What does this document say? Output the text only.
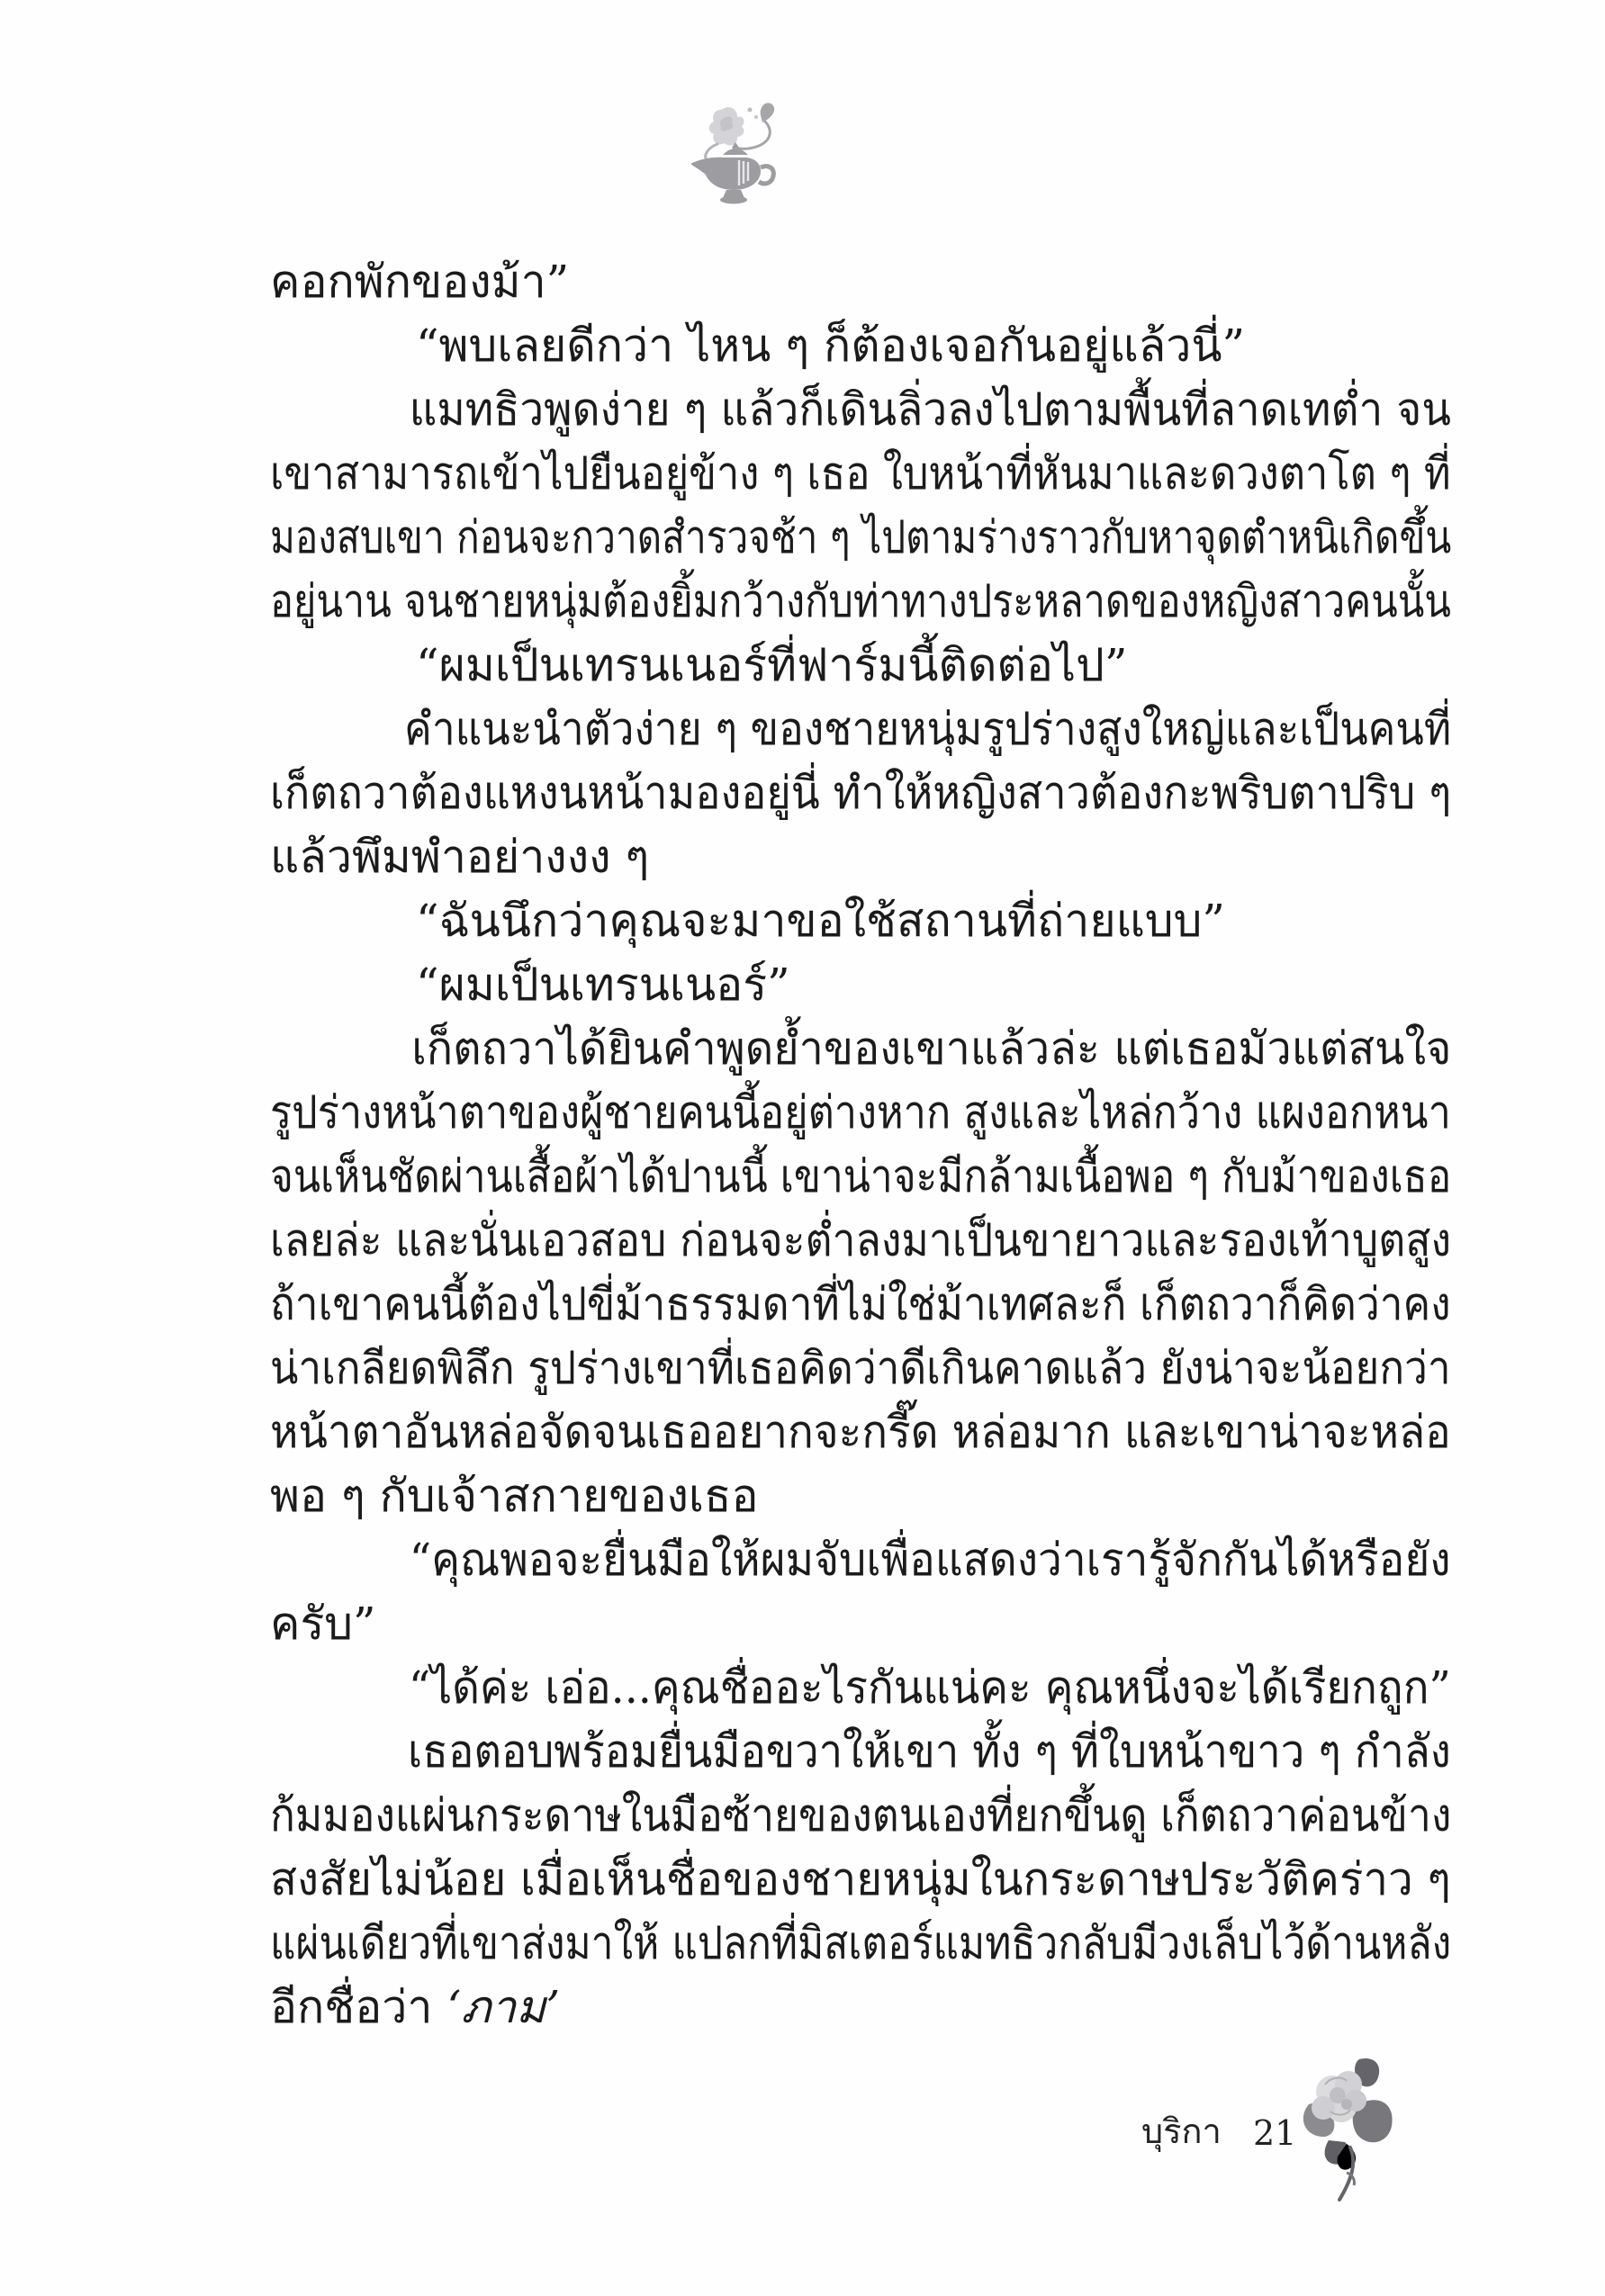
คอกพักของม้า”
“พบเลยดีกว่า ไหน ๆ ก็ต้องเจอกันอยู่แล้วนี่”
แมทธิวพูดง่าย ๆ แล้วก็เดินลิ่วลงไปตามพื้นที่ลาดเทต่ำ จน
เขาสามารถเข้าไปยืนอยู่ข้าง ๆ เธอ ใบหน้าที่หันมาและดวงตาโต ๆ ที่
มองสบเขา ก่อนจะกวาดสำรวจช้า ๆ ไปตามร่างราวกับหาจุดตำหนิเกิดขึ้น
อยู่นาน จนชายหนุ่มต้องยิ้มกว้างกับท่าทางประหลาดของหญิงสาวคนนั้น
“ผมเป็นเทรนเนอร์ที่ฟาร์มนี้ติดต่อไป”
คำแนะนำตัวง่าย ๆ ของชายหนุ่มรูปร่างสูงใหญ่และเป็นคนที่
เก็ตถวาต้องแหงนหน้ามองอยู่นี่ ทำให้หญิงสาวต้องกะพริบตาปริบ ๆ
แล้วพึมพำอย่างงง ๆ
“ฉันนึกว่าคุณจะมาขอใช้สถานที่ถ่ายแบบ”
“ผมเป็นเทรนเนอร์”
เก็ตถวาได้ยินคำพูดย้ำของเขาแล้วล่ะ แต่เธอมัวแต่สนใจ
รูปร่างหน้าตาของผู้ชายคนนี้อยู่ต่างหาก สูงและไหล่กว้าง แผงอกหนา
จนเห็นชัดผ่านเสื้อผ้าได้ปานนี้ เขาน่าจะมีกล้ามเนื้อพอ ๆ กับม้าของเธอ
เลยล่ะ และนั่นเอวสอบ ก่อนจะต่ำลงมาเป็นขายาวและรองเท้าบูตสูง
ถ้าเขาคนนี้ต้องไปขี่ม้าธรรมดาที่ไม่ใช่ม้าเทศละก็ เก็ตถวาก็คิดว่าคง
น่าเกลียดพิลึก รูปร่างเขาที่เธอคิดว่าดีเกินคาดแล้ว ยังน่าจะน้อยกว่า
หน้าตาอันหล่อจัดจนเธออยากจะกรี๊ด หล่อมาก และเขาน่าจะหล่อ
พอ ๆ กับเจ้าสกายของเธอ
“คุณพอจะยื่นมือให้ผมจับเพื่อแสดงว่าเรารู้จักกันได้หรือยัง
ครับ”
“ได้ค่ะ เอ่อ...คุณชื่ออะไรกันแน่คะ คุณหนึ่งจะได้เรียกถูก”
เธอตอบพร้อมยื่นมือขวาให้เขา ทั้ง ๆ ที่ใบหน้าขาว ๆ กำลัง
ก้มมองแผ่นกระดาษในมือซ้ายของตนเองที่ยกขึ้นดู เก็ตถวาค่อนข้าง
สงสัยไม่น้อย เมื่อเห็นชื่อของชายหนุ่มในกระดาษประวัติคร่าว ๆ
แผ่นเดียวที่เขาส่งมาให้ แปลกที่มิสเตอร์แมทธิวกลับมีวงเล็บไว้ด้านหลัง
อีกชื่อว่า ‘ภาม’
บุริกา 21
